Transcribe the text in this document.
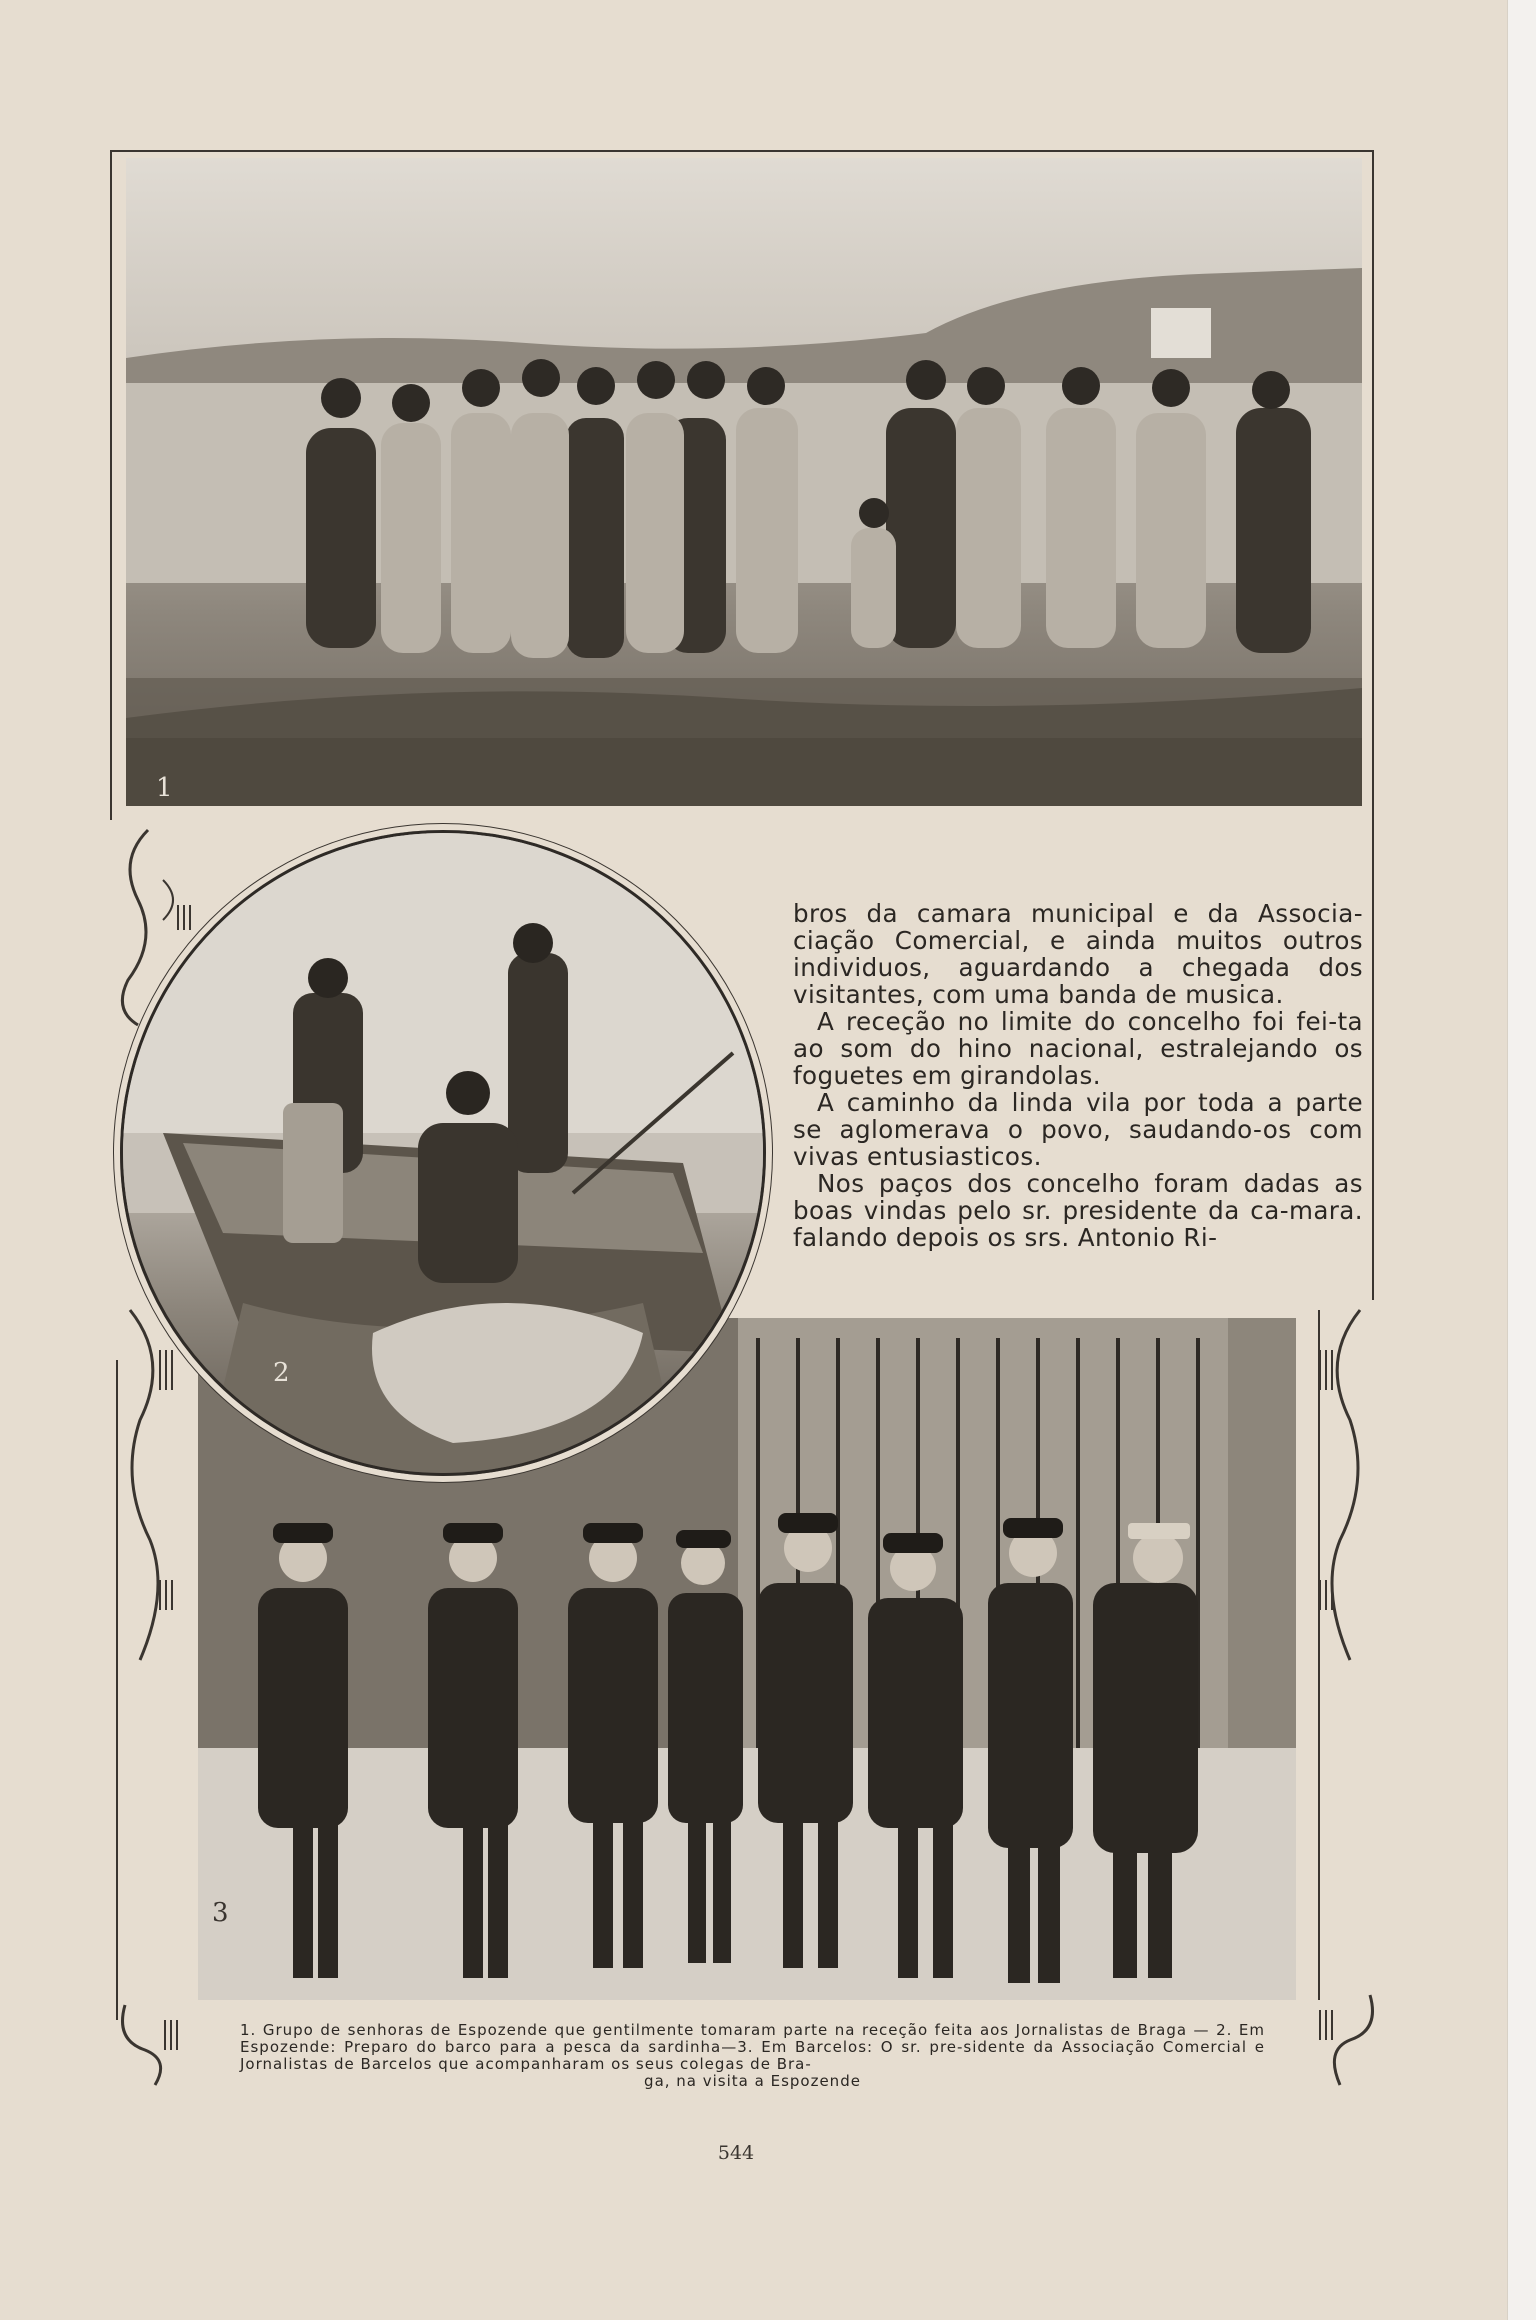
1
3
2

bros da camara municipal e da Associa-ciação Comercial, e ainda muitos outros individuos, aguardando a chegada dos visitantes, com uma banda de musica.

A receção no limite do concelho foi fei-ta ao som do hino nacional, estralejando os foguetes em girandolas.

A caminho da linda vila por toda a parte se aglomerava o povo, saudando-os com vivas entusiasticos.

Nos paços dos concelho foram dadas as boas vindas pelo sr. presidente da ca-mara. falando depois os srs. Antonio Ri-

1. Grupo de senhoras de Espozende que gentilmente tomaram parte na receção feita aos Jornalistas de Braga — 2. Em Espozende: Preparo do barco para a pesca da sardinha—3. Em Barcelos: O sr. pre-sidente da Associação Comercial e Jornalistas de Barcelos que acompanharam os seus colegas de Bra-
ga, na visita a Espozende
544
